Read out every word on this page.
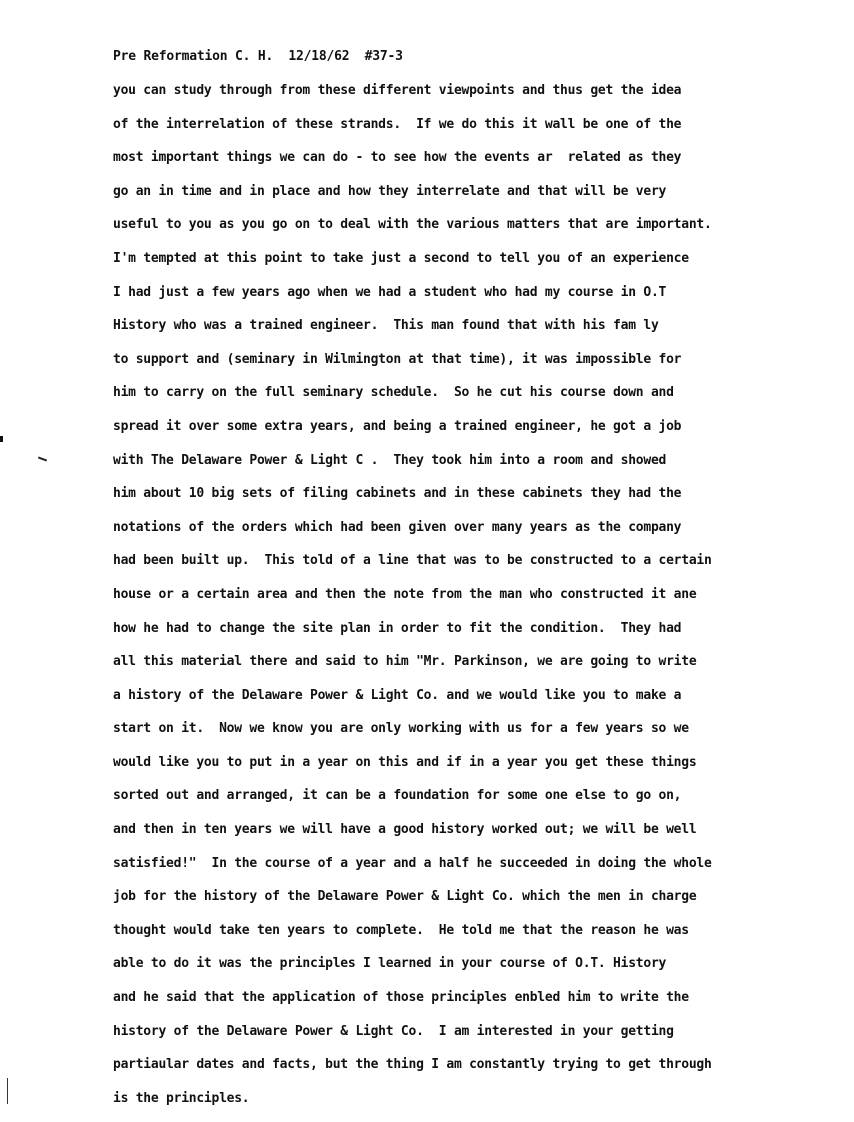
Pre Reformation C. H.  12/18/62  #37-3
you can study through from these different viewpoints and thus get the idea
of the interrelation of these strands.  If we do this it wall be one of the
most important things we can do - to see how the events ar  related as they
go an in time and in place and how they interrelate and that will be very
useful to you as you go on to deal with the various matters that are important.
I'm tempted at this point to take just a second to tell you of an experience
I had just a few years ago when we had a student who had my course in O.T
History who was a trained engineer.  This man found that with his fam ly
to support and (seminary in Wilmington at that time), it was impossible for
him to carry on the full seminary schedule.  So he cut his course down and
spread it over some extra years, and being a trained engineer, he got a job
with The Delaware Power & Light C .  They took him into a room and showed
him about 10 big sets of filing cabinets and in these cabinets they had the
notations of the orders which had been given over many years as the company
had been built up.  This told of a line that was to be constructed to a certain
house or a certain area and then the note from the man who constructed it ane
how he had to change the site plan in order to fit the condition.  They had
all this material there and said to him "Mr. Parkinson, we are going to write
a history of the Delaware Power & Light Co. and we would like you to make a
start on it.  Now we know you are only working with us for a few years so we
would like you to put in a year on this and if in a year you get these things
sorted out and arranged, it can be a foundation for some one else to go on,
and then in ten years we will have a good history worked out; we will be well
satisfied!"  In the course of a year and a half he succeeded in doing the whole
job for the history of the Delaware Power & Light Co. which the men in charge
thought would take ten years to complete.  He told me that the reason he was
able to do it was the principles I learned in your course of O.T. History
and he said that the application of those principles enbled him to write the
history of the Delaware Power & Light Co.  I am interested in your getting
partiaular dates and facts, but the thing I am constantly trying to get through
is the principles.
